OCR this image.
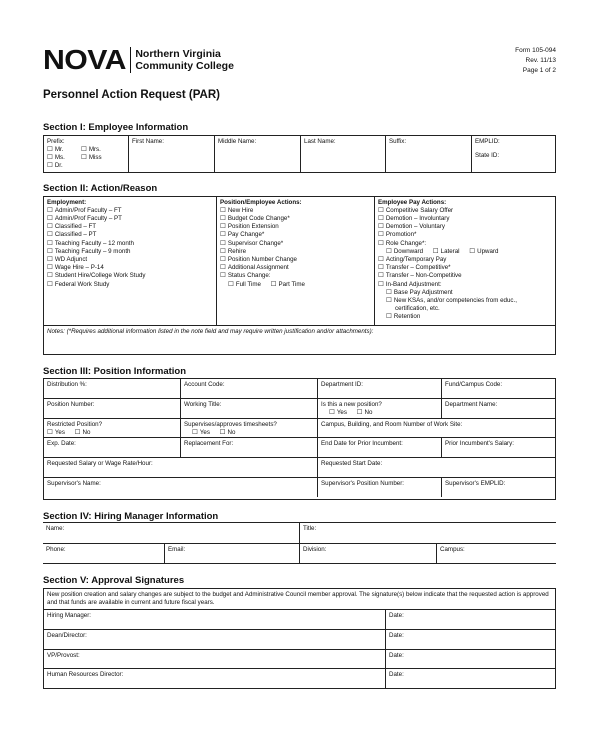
NOVA Northern Virginia
Community College
Form 105-094
Rev. 11/13
Page 1 of 2
Personnel Action Request (PAR)
Section I: Employee Information
Prefix:
☐ Mr.
☐ Ms.
☐ Dr.
☐ Mrs.
☐ Miss
First Name:	Middle Name:	Last Name:	Suffix:	EMPLID:
State ID:
Section II: Action/Reason
Employment:
☐ Admin/Prof Faculty – FT
☐ Admin/Prof Faculty – PT
☐ Classified – FT
☐ Classified – PT
☐ Teaching Faculty – 12 month
☐ Teaching Faculty – 9 month
☐ WD Adjunct
☐ Wage Hire – P-14
☐ Student Hire/College Work Study
☐ Federal Work Study
Position/Employee Actions:
☐ New Hire
☐ Budget Code Change*
☐ Position Extension
☐ Pay Change*
☐ Supervisor Change*
☐ Rehire
☐ Position Number Change
☐ Additional Assignment
☐ Status Change:
☐ Full Time	☐ Part Time
Employee Pay Actions:
☐ Competitive Salary Offer
☐ Demotion – Involuntary
☐ Demotion – Voluntary
☐ Promotion*
☐ Role Change*:
☐ Downward	☐ Lateral	☐ Upward
☐ Acting/Temporary Pay
☐ Transfer – Competitive*
☐ Transfer – Non-Competitive
☐ In-Band Adjustment:
☐ Base Pay Adjustment
☐ New KSAs, and/or competencies from educ.,
certification, etc.
☐ Retention
Notes: (*Requires additional information listed in the note field and may require written justification and/or attachments):
Section III: Position Information
Distribution %:	Account Code:	Department ID:	Fund/Campus Code:
Position Number:	Working Title:	Is this a new position?
☐ Yes	☐ No
Department Name:
Restricted Position?
☐ Yes	☐ No
Supervises/approves timesheets?
☐ Yes	☐ No
Campus, Building, and Room Number of Work Site:
Exp. Date:	Replacement For:	End Date for Prior Incumbent:	Prior Incumbent's Salary:
Requested Salary or Wage Rate/Hour:	Requested Start Date:
Supervisor's Name:	Supervisor's Position Number:	Supervisor's EMPLID:
Section IV: Hiring Manager Information
Name:	Title:
Phone:	Email:	Division:	Campus:
Section V: Approval Signatures
New position creation and salary changes are subject to the budget and Administrative Council member approval. The signature(s) below indicate that the requested action is approved and that funds are available in current and future fiscal years.
Hiring Manager:	Date:
Dean/Director:	Date:
VP/Provost:	Date:
Human Resources Director:	Date:
